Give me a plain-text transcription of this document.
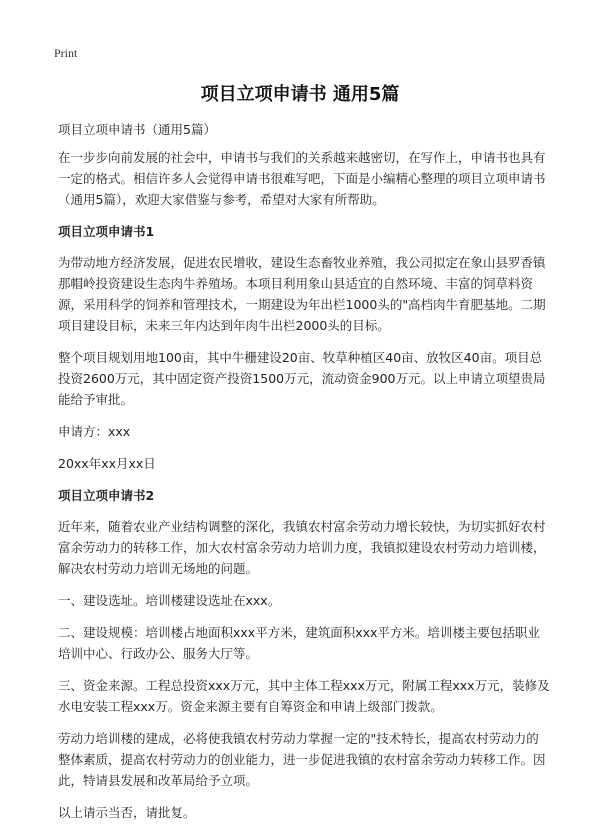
Print
项目立项申请书 通用5篇

项目立项申请书（通用5篇）

在一步步向前发展的社会中，申请书与我们的关系越来越密切，在写作上，申请书也具有一定的格式。相信许多人会觉得申请书很难写吧，下面是小编精心整理的项目立项申请书（通用5篇），欢迎大家借鉴与参考，希望对大家有所帮助。

项目立项申请书1

为带动地方经济发展，促进农民增收，建设生态畜牧业养殖，我公司拟定在象山县罗香镇那帽岭投资建设生态肉牛养殖场。本项目利用象山县适宜的自然环境、丰富的饲草料资源，采用科学的饲养和管理技术，一期建设为年出栏1000头的"高档肉牛育肥基地。二期项目建设目标，未来三年内达到年肉牛出栏2000头的目标。

整个项目规划用地100亩，其中牛栅建设20亩、牧草种植区40亩、放牧区40亩。项目总投资2600万元，其中固定资产投资1500万元，流动资金900万元。以上申请立项望贵局能给予审批。

申请方：xxx

20xx年xx月xx日

项目立项申请书2

近年来，随着农业产业结构调整的深化，我镇农村富余劳动力增长较快，为切实抓好农村富余劳动力的转移工作，加大农村富余劳动力培训力度，我镇拟建设农村劳动力培训楼，解决农村劳动力培训无场地的问题。

一、建设选址。培训楼建设选址在xxx。

二、建设规模：培训楼占地面积xxx平方米，建筑面积xxx平方米。培训楼主要包括职业培训中心、行政办公、服务大厅等。

三、资金来源。工程总投资xxx万元，其中主体工程xxx万元，附属工程xxx万元，装修及水电安装工程xxx万。资金来源主要有自筹资金和申请上级部门拨款。

劳动力培训楼的建成，必将使我镇农村劳动力掌握一定的"技术特长，提高农村劳动力的整体素质，提高农村劳动力的创业能力，进一步促进我镇的农村富余劳动力转移工作。因此，特请县发展和改革局给予立项。

以上请示当否，请批复。
